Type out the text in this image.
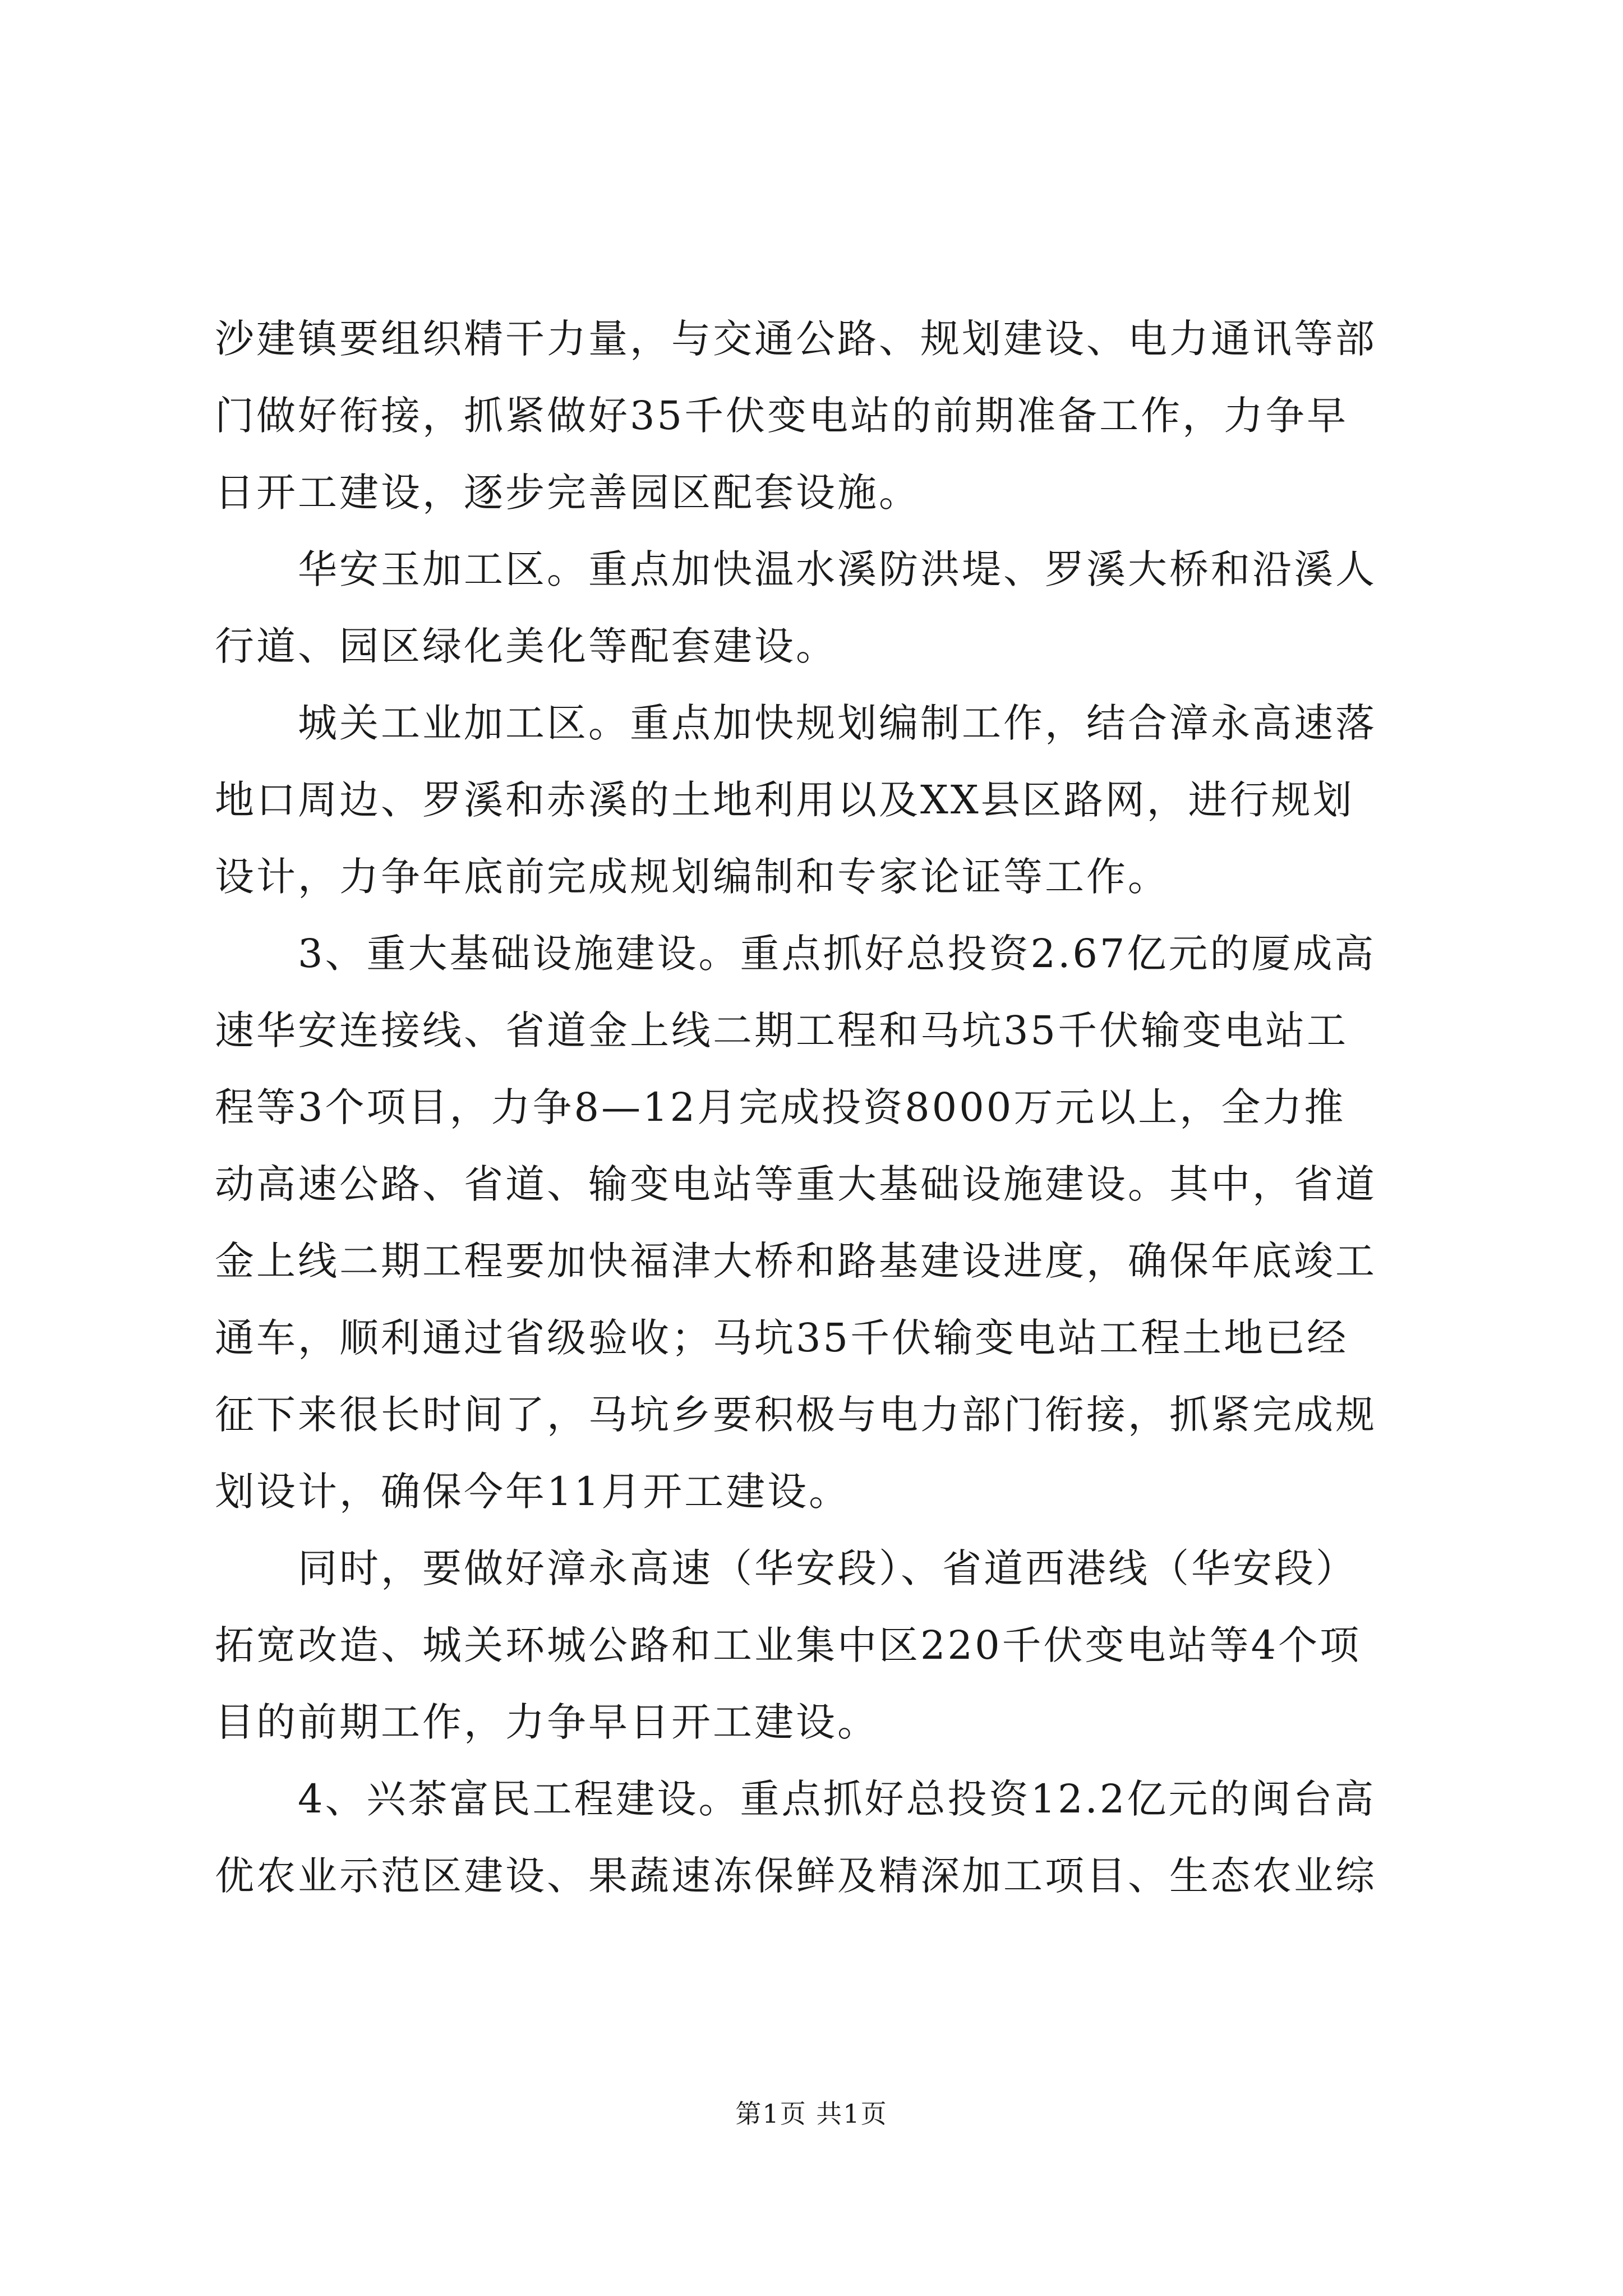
沙建镇要组织精干力量，与交通公路、规划建设、电力通讯等部
门做好衔接，抓紧做好35千伏变电站的前期准备工作，力争早
日开工建设，逐步完善园区配套设施。
华安玉加工区。重点加快温水溪防洪堤、罗溪大桥和沿溪人
行道、园区绿化美化等配套建设。
城关工业加工区。重点加快规划编制工作，结合漳永高速落
地口周边、罗溪和赤溪的土地利用以及XX县区路网，进行规划
设计，力争年底前完成规划编制和专家论证等工作。
3、重大基础设施建设。重点抓好总投资2.67亿元的厦成高
速华安连接线、省道金上线二期工程和马坑35千伏输变电站工
程等3个项目，力争8—12月完成投资8000万元以上，全力推
动高速公路、省道、输变电站等重大基础设施建设。其中，省道
金上线二期工程要加快福津大桥和路基建设进度，确保年底竣工
通车，顺利通过省级验收；马坑35千伏输变电站工程土地已经
征下来很长时间了，马坑乡要积极与电力部门衔接，抓紧完成规
划设计，确保今年11月开工建设。
同时，要做好漳永高速（华安段）、省道西港线（华安段）
拓宽改造、城关环城公路和工业集中区220千伏变电站等4个项
目的前期工作，力争早日开工建设。
4、兴茶富民工程建设。重点抓好总投资12.2亿元的闽台高
优农业示范区建设、果蔬速冻保鲜及精深加工项目、生态农业综
第1页 共1页
